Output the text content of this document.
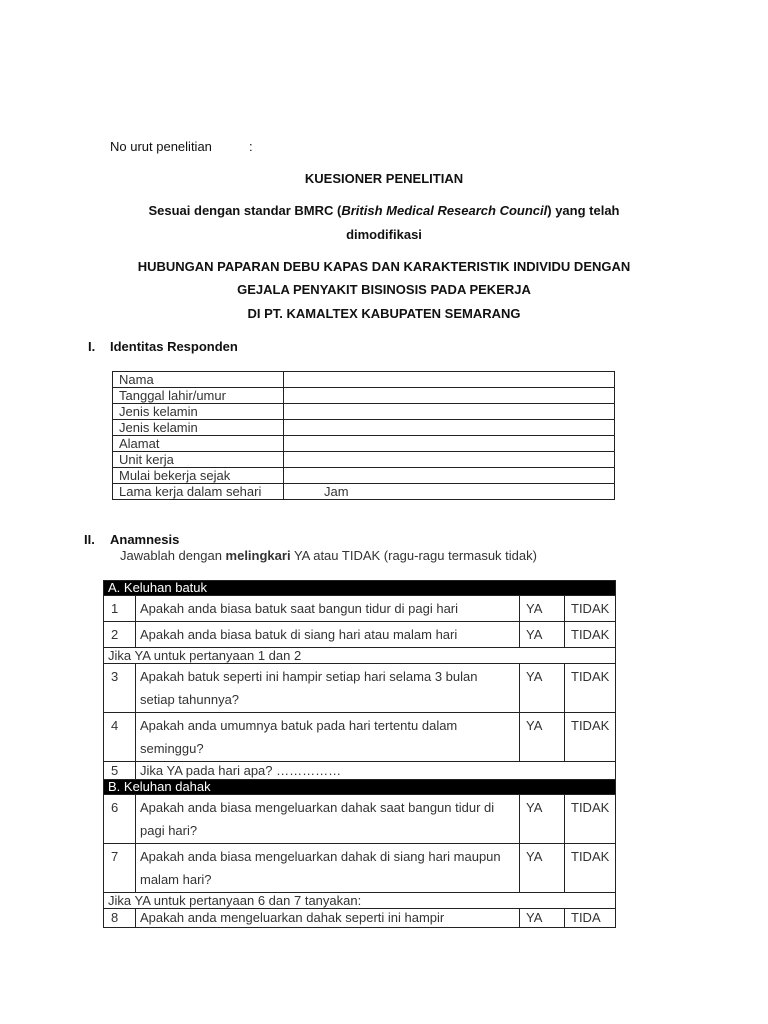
No urut penelitian	:
KUESIONER PENELITIAN
Sesuai dengan standar BMRC (British Medical Research Council) yang telah
dimodifikasi
HUBUNGAN PAPARAN DEBU KAPAS DAN KARAKTERISTIK INDIVIDU DENGAN
GEJALA PENYAKIT BISINOSIS PADA PEKERJA
DI PT. KAMALTEX KABUPATEN SEMARANG
I. Identitas Responden
Nama	
Tanggal lahir/umur	
Jenis kelamin	
Jenis kelamin	
Alamat	
Unit kerja	
Mulai bekerja sejak	
Lama kerja dalam sehari	Jam
II. Anamnesis
Jawablah dengan melingkari YA atau TIDAK (ragu-ragu termasuk tidak)
A. Keluhan batuk			
1	Apakah anda biasa batuk saat bangun tidur di pagi hari	YA	TIDAK
2	Apakah anda biasa batuk di siang hari atau malam hari	YA	TIDAK
Jika YA untuk pertanyaan 1 dan 2			
3	Apakah batuk seperti ini hampir setiap hari selama 3 bulan setiap tahunnya?	YA	TIDAK
4	Apakah anda umumnya batuk pada hari tertentu dalam seminggu?	YA	TIDAK
5	Jika YA pada hari apa? ……………		
B. Keluhan dahak			
6	Apakah anda biasa mengeluarkan dahak saat bangun tidur di pagi hari?	YA	TIDAK
7	Apakah anda biasa mengeluarkan dahak di siang hari maupun malam hari?	YA	TIDAK
Jika YA untuk pertanyaan 6 dan 7 tanyakan:			
8	Apakah anda mengeluarkan dahak seperti ini hampir	YA	TIDA
